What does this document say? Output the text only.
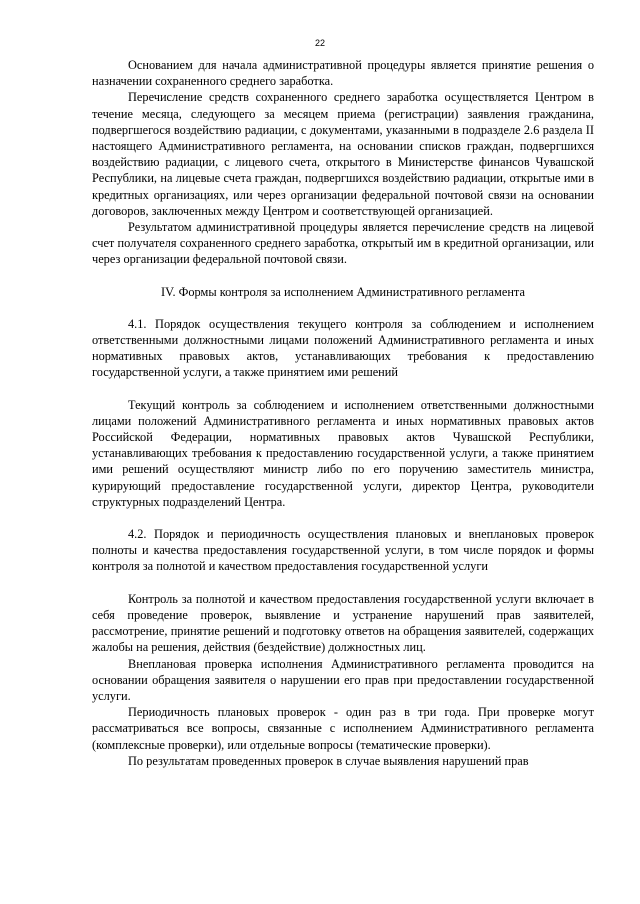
22

Основанием для начала административной процедуры является принятие решения о назначении сохраненного среднего заработка.

Перечисление средств сохраненного среднего заработка осуществляется Центром в течение месяца, следующего за месяцем приема (регистрации) заявления гражданина, подвергшегося воздействию радиации, с документами, указанными в подразделе 2.6 раздела II настоящего Административного регламента, на основании списков граждан, подвергшихся воздействию радиации, с лицевого счета, открытого в Министерстве финансов Чувашской Республики, на лицевые счета граждан, подвергшихся воздействию радиации, открытые ими в кредитных организациях, или через организации федеральной почтовой связи на основании договоров, заключенных между Центром и соответствующей организацией.

Результатом административной процедуры является перечисление средств на лицевой счет получателя сохраненного среднего заработка, открытый им в кредитной организации, или через организации федеральной почтовой связи.

IV. Формы контроля за исполнением Административного регламента

4.1. Порядок осуществления текущего контроля за соблюдением и исполнением ответственными должностными лицами положений Административного регламента и иных нормативных правовых актов, устанавливающих требования к предоставлению государственной услуги, а также принятием ими решений

Текущий контроль за соблюдением и исполнением ответственными должностными лицами положений Административного регламента и иных нормативных правовых актов Российской Федерации, нормативных правовых актов Чувашской Республики, устанавливающих требования к предоставлению государственной услуги, а также принятием ими решений осуществляют министр либо по его поручению заместитель министра, курирующий предоставление государственной услуги, директор Центра, руководители структурных подразделений Центра.

4.2. Порядок и периодичность осуществления плановых и внеплановых проверок полноты и качества предоставления государственной услуги, в том числе порядок и формы контроля за полнотой и качеством предоставления государственной услуги

Контроль за полнотой и качеством предоставления государственной услуги включает в себя проведение проверок, выявление и устранение нарушений прав заявителей, рассмотрение, принятие решений и подготовку ответов на обращения заявителей, содержащих жалобы на решения, действия (бездействие) должностных лиц.

Внеплановая проверка исполнения Административного регламента проводится на основании обращения заявителя о нарушении его прав при предоставлении государственной услуги.

Периодичность плановых проверок - один раз в три года. При проверке могут рассматриваться все вопросы, связанные с исполнением Административного регламента (комплексные проверки), или отдельные вопросы (тематические проверки).

По результатам проведенных проверок в случае выявления нарушений прав
